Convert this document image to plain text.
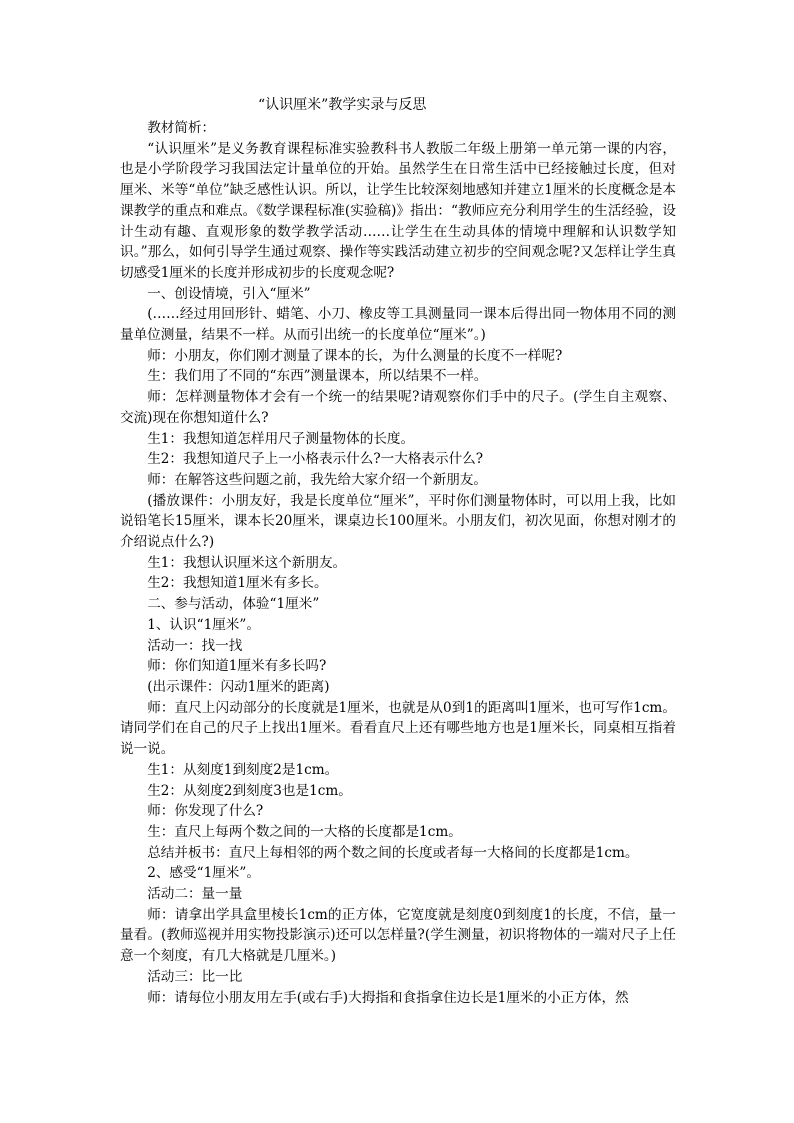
“认识厘米”教学实录与反思

教材简析：

“认识厘米”是义务教育课程标准实验教科书人教版二年级上册第一单元第一课的内容，也是小学阶段学习我国法定计量单位的开始。虽然学生在日常生活中已经接触过长度，但对厘米、米等“单位”缺乏感性认识。所以，让学生比较深刻地感知并建立1厘米的长度概念是本课教学的重点和难点。《数学课程标准(实验稿)》指出：“教师应充分利用学生的生活经验，设计生动有趣、直观形象的数学教学活动……让学生在生动具体的情境中理解和认识数学知识。”那么，如何引导学生通过观察、操作等实践活动建立初步的空间观念呢?又怎样让学生真切感受1厘米的长度并形成初步的长度观念呢?

一、创设情境，引入“厘米”

(……经过用回形针、蜡笔、小刀、橡皮等工具测量同一课本后得出同一物体用不同的测量单位测量，结果不一样。从而引出统一的长度单位“厘米”。)

师：小朋友，你们刚才测量了课本的长，为什么测量的长度不一样呢?

生：我们用了不同的“东西”测量课本，所以结果不一样。

师：怎样测量物体才会有一个统一的结果呢?请观察你们手中的尺子。(学生自主观察、交流)现在你想知道什么?

生1：我想知道怎样用尺子测量物体的长度。

生2：我想知道尺子上一小格表示什么?一大格表示什么?

师：在解答这些问题之前，我先给大家介绍一个新朋友。

(播放课件：小朋友好，我是长度单位“厘米”，平时你们测量物体时，可以用上我，比如说铅笔长15厘米，课本长20厘米，课桌边长100厘米。小朋友们，初次见面，你想对刚才的介绍说点什么?)

生1：我想认识厘米这个新朋友。

生2：我想知道1厘米有多长。

二、参与活动，体验“1厘米”

1、认识“1厘米”。

活动一：找一找

师：你们知道1厘米有多长吗?

(出示课件：闪动1厘米的距离)

师：直尺上闪动部分的长度就是1厘米，也就是从0到1的距离叫1厘米，也可写作1cm。请同学们在自己的尺子上找出1厘米。看看直尺上还有哪些地方也是1厘米长，同桌相互指着说一说。

生1：从刻度1到刻度2是1cm。

生2：从刻度2到刻度3也是1cm。

师：你发现了什么?

生：直尺上每两个数之间的一大格的长度都是1cm。

总结并板书：直尺上每相邻的两个数之间的长度或者每一大格间的长度都是1cm。

2、感受“1厘米”。

活动二：量一量

师：请拿出学具盒里棱长1cm的正方体，它宽度就是刻度0到刻度1的长度，不信，量一量看。(教师巡视并用实物投影演示)还可以怎样量?(学生测量，初识将物体的一端对尺子上任意一个刻度，有几大格就是几厘米。)

活动三：比一比

师：请每位小朋友用左手(或右手)大拇指和食指拿住边长是1厘米的小正方体，然
